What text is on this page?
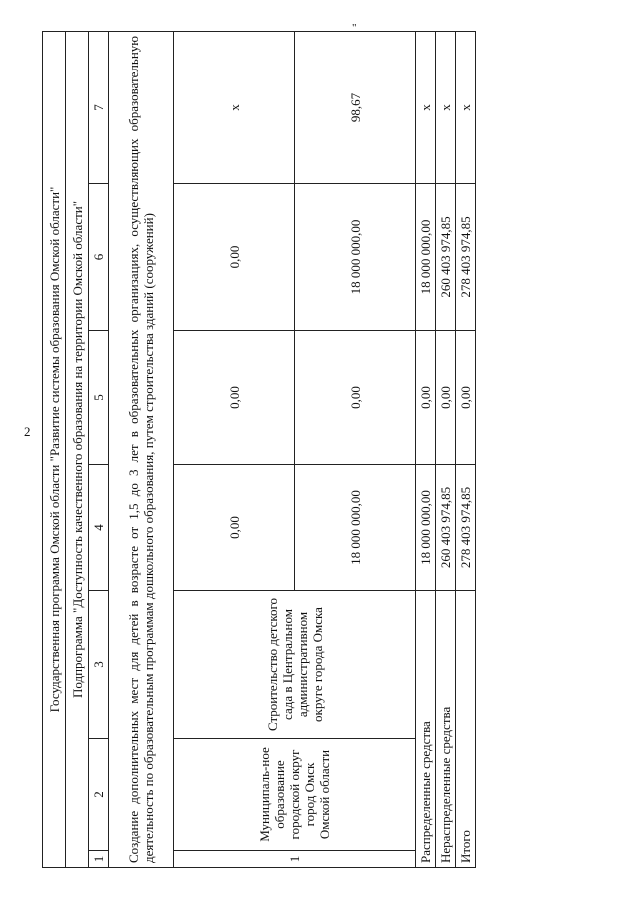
2
"
Государственная программа Омской области "Развитие системы образования Омской области"						
Подпрограмма "Доступность качественного образования на территории Омской области"						
1	2	3	4	5	6	7
Создание дополнительных мест для детей в возрасте от 1,5 до 3 лет в образовательных организациях, осуществляющих образовательную деятельность по образовательным программам дошкольного образования, путем строительства зданий (сооружений)						
1	Муниципаль-ное образование городской округ город Омск Омской области	Строительство детского сада в Центральном административном округе города Омска	0,00	0,00	0,00	x
			18 000 000,00	0,00	18 000 000,00	98,67
Распределенные средства			18 000 000,00	0,00	18 000 000,00	x
Нераспределенные средства			260 403 974,85	0,00	260 403 974,85	x
Итого			278 403 974,85	0,00	278 403 974,85	x
